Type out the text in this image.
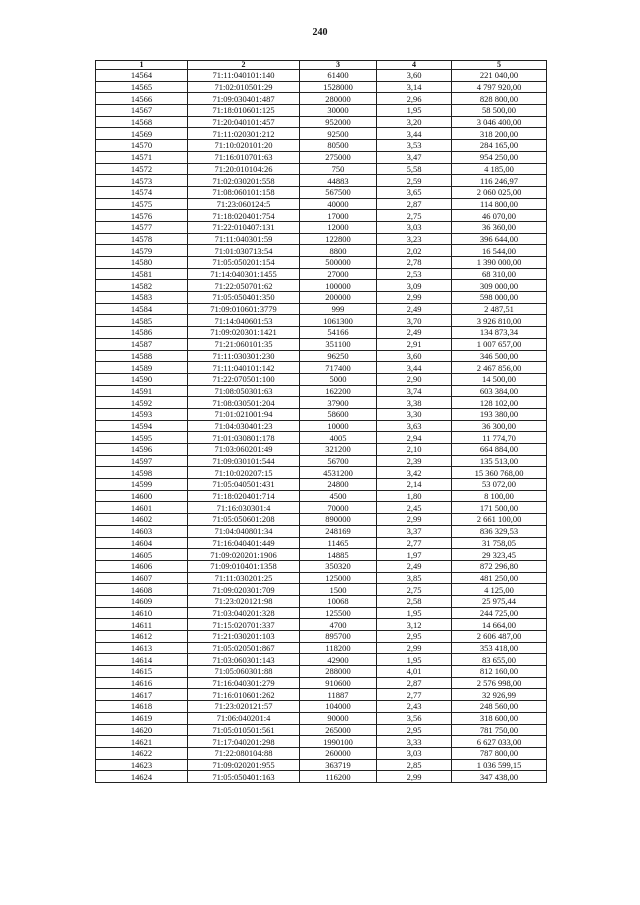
240
1	2	3	4	5
14564	71:11:040101:140	61400	3,60	221 040,00
14565	71:02:010501:29	1528000	3,14	4 797 920,00
14566	71:09:030401:487	280000	2,96	828 800,00
14567	71:18:010601:125	30000	1,95	58 500,00
14568	71:20:040101:457	952000	3,20	3 046 400,00
14569	71:11:020301:212	92500	3,44	318 200,00
14570	71:10:020101:20	80500	3,53	284 165,00
14571	71:16:010701:63	275000	3,47	954 250,00
14572	71:20:010104:26	750	5,58	4 185,00
14573	71:02:030201:558	44883	2,59	116 246,97
14574	71:08:060101:158	567500	3,65	2 060 025,00
14575	71:23:060124:5	40000	2,87	114 800,00
14576	71:18:020401:754	17000	2,75	46 070,00
14577	71:22:010407:131	12000	3,03	36 360,00
14578	71:11:040301:59	122800	3,23	396 644,00
14579	71:01:030713:54	8800	2,02	16 544,00
14580	71:05:050201:154	500000	2,78	1 390 000,00
14581	71:14:040301:1455	27000	2,53	68 310,00
14582	71:22:050701:62	100000	3,09	309 000,00
14583	71:05:050401:350	200000	2,99	598 000,00
14584	71:09:010601:3779	999	2,49	2 487,51
14585	71:14:040601:53	1061300	3,70	3 926 810,00
14586	71:09:020301:1421	54166	2,49	134 873,34
14587	71:21:060101:35	351100	2,91	1 007 657,00
14588	71:11:030301:230	96250	3,60	346 500,00
14589	71:11:040101:142	717400	3,44	2 467 856,00
14590	71:22:070501:100	5000	2,90	14 500,00
14591	71:08:050301:63	162200	3,74	603 384,00
14592	71:08:030501:204	37900	3,38	128 102,00
14593	71:01:021001:94	58600	3,30	193 380,00
14594	71:04:030401:23	10000	3,63	36 300,00
14595	71:01:030801:178	4005	2,94	11 774,70
14596	71:03:060201:49	321200	2,10	664 884,00
14597	71:09:030101:544	56700	2,39	135 513,00
14598	71:10:020207:15	4531200	3,42	15 360 768,00
14599	71:05:040501:431	24800	2,14	53 072,00
14600	71:18:020401:714	4500	1,80	8 100,00
14601	71:16:030301:4	70000	2,45	171 500,00
14602	71:05:050601:208	890000	2,99	2 661 100,00
14603	71:04:040801:34	248169	3,37	836 329,53
14604	71:16:040401:449	11465	2,77	31 758,05
14605	71:09:020201:1906	14885	1,97	29 323,45
14606	71:09:010401:1358	350320	2,49	872 296,80
14607	71:11:030201:25	125000	3,85	481 250,00
14608	71:09:020301:709	1500	2,75	4 125,00
14609	71:23:020121:98	10068	2,58	25 975,44
14610	71:03:040201:328	125500	1,95	244 725,00
14611	71:15:020701:337	4700	3,12	14 664,00
14612	71:21:030201:103	895700	2,95	2 606 487,00
14613	71:05:020501:867	118200	2,99	353 418,00
14614	71:03:060301:143	42900	1,95	83 655,00
14615	71:05:060301:88	288000	4,01	812 160,00
14616	71:16:040301:279	910600	2,87	2 576 998,00
14617	71:16:010601:262	11887	2,77	32 926,99
14618	71:23:020121:57	104000	2,43	248 560,00
14619	71:06:040201:4	90000	3,56	318 600,00
14620	71:05:010501:561	265000	2,95	781 750,00
14621	71:17:040201:298	1990100	3,33	6 627 033,00
14622	71:22:080104:88	260000	3,03	787 800,00
14623	71:09:020201:955	363719	2,85	1 036 599,15
14624	71:05:050401:163	116200	2,99	347 438,00
